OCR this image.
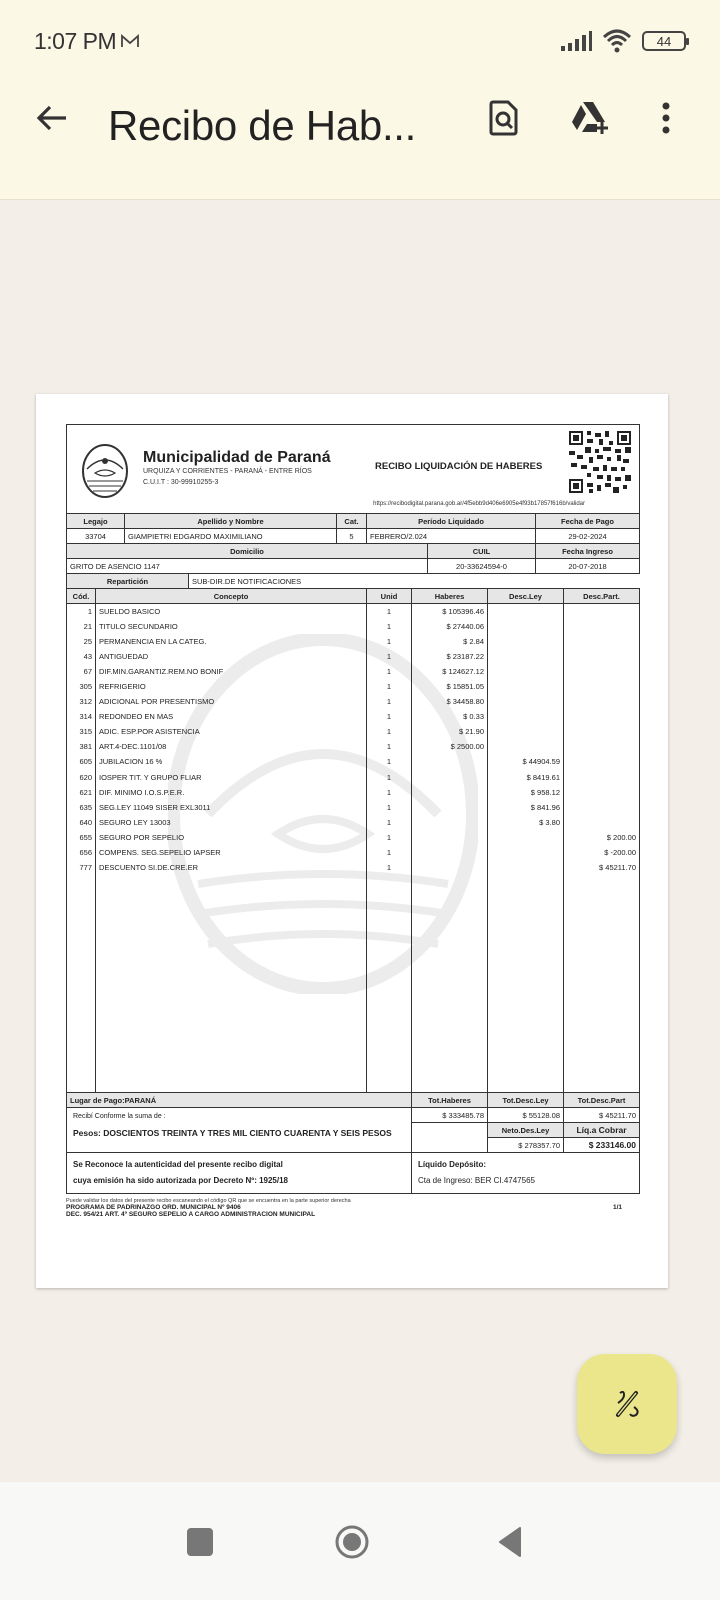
1:07 PM	44
Recibo de Hab...
Municipalidad de Paraná
URQUIZA Y CORRIENTES - PARANÁ - ENTRE RÍOS
C.U.I.T : 30-99910255-3
RECIBO LIQUIDACIÓN DE HABERES
https://recibodigital.parana.gob.ar/4f5ebb9d406e6905e4f93b17857f616b/validar
Legajo	Apellido y Nombre	Cat.	Período Liquidado	Fecha de Pago
33704	GIAMPIETRI EDGARDO MAXIMILIANO	5	FEBRERO/2.024	29-02-2024
Domicilio	CUIL	Fecha Ingreso
GRITO DE ASENCIO 1147	20-33624594-0	20-07-2018
Repartición	SUB-DIR.DE NOTIFICACIONES
Cód.	Concepto	Unid	Haberes	Desc.Ley	Desc.Part.
1	SUELDO BASICO	1	$ 105396.46		
21	TITULO SECUNDARIO	1	$ 27440.06		
25	PERMANENCIA EN LA CATEG.	1	$ 2.84		
43	ANTIGUEDAD	1	$ 23187.22		
67	DIF.MIN.GARANTIZ.REM.NO BONIF	1	$ 124627.12		
305	REFRIGERIO	1	$ 15851.05		
312	ADICIONAL POR PRESENTISMO	1	$ 34458.80		
314	REDONDEO EN MAS	1	$ 0.33		
315	ADIC. ESP.POR ASISTENCIA	1	$ 21.90		
381	ART.4-DEC.1101/08	1	$ 2500.00		
605	JUBILACION 16 %	1		$ 44904.59	
620	IOSPER TIT. Y GRUPO FLIAR	1		$ 8419.61	
621	DIF. MINIMO I.O.S.P.E.R.	1		$ 958.12	
635	SEG.LEY 11049 SISER EXL3011	1		$ 841.96	
640	SEGURO LEY 13003	1		$ 3.80	
655	SEGURO POR SEPELIO	1			$ 200.00
656	COMPENS. SEG.SEPELIO IAPSER	1			$ -200.00
777	DESCUENTO SI.DE.CRE.ER	1			$ 45211.70

Lugar de Pago:PARANÁ	Tot.Haberes	Tot.Desc.Ley	Tot.Desc.Part

Recibí Conforme la suma de :
Pesos: DOSCIENTOS TREINTA Y TRES MIL CIENTO CUARENTA Y SEIS PESOS	$ 333485.78	$ 55128.08	$ 45211.70
		Neto.Des.Ley	Líq.a Cobrar
		$ 278357.70	$ 233146.00
Se Reconoce la autenticidad del presente recibo digital
cuya emisión ha sido autorizada por Decreto Nº: 1925/18

Líquido Depósito:
Cta de Ingreso: BER CI.4747565
Puede validar los datos del presente recibo escaneando el código QR que se encuentra en la parte superior derecha
PROGRAMA DE PADRINAZGO ORD. MUNICIPAL Nº 9406
DEC. 954/21 ART. 4º SEGURO SEPELIO A CARGO ADMINISTRACION MUNICIPAL
1/1
